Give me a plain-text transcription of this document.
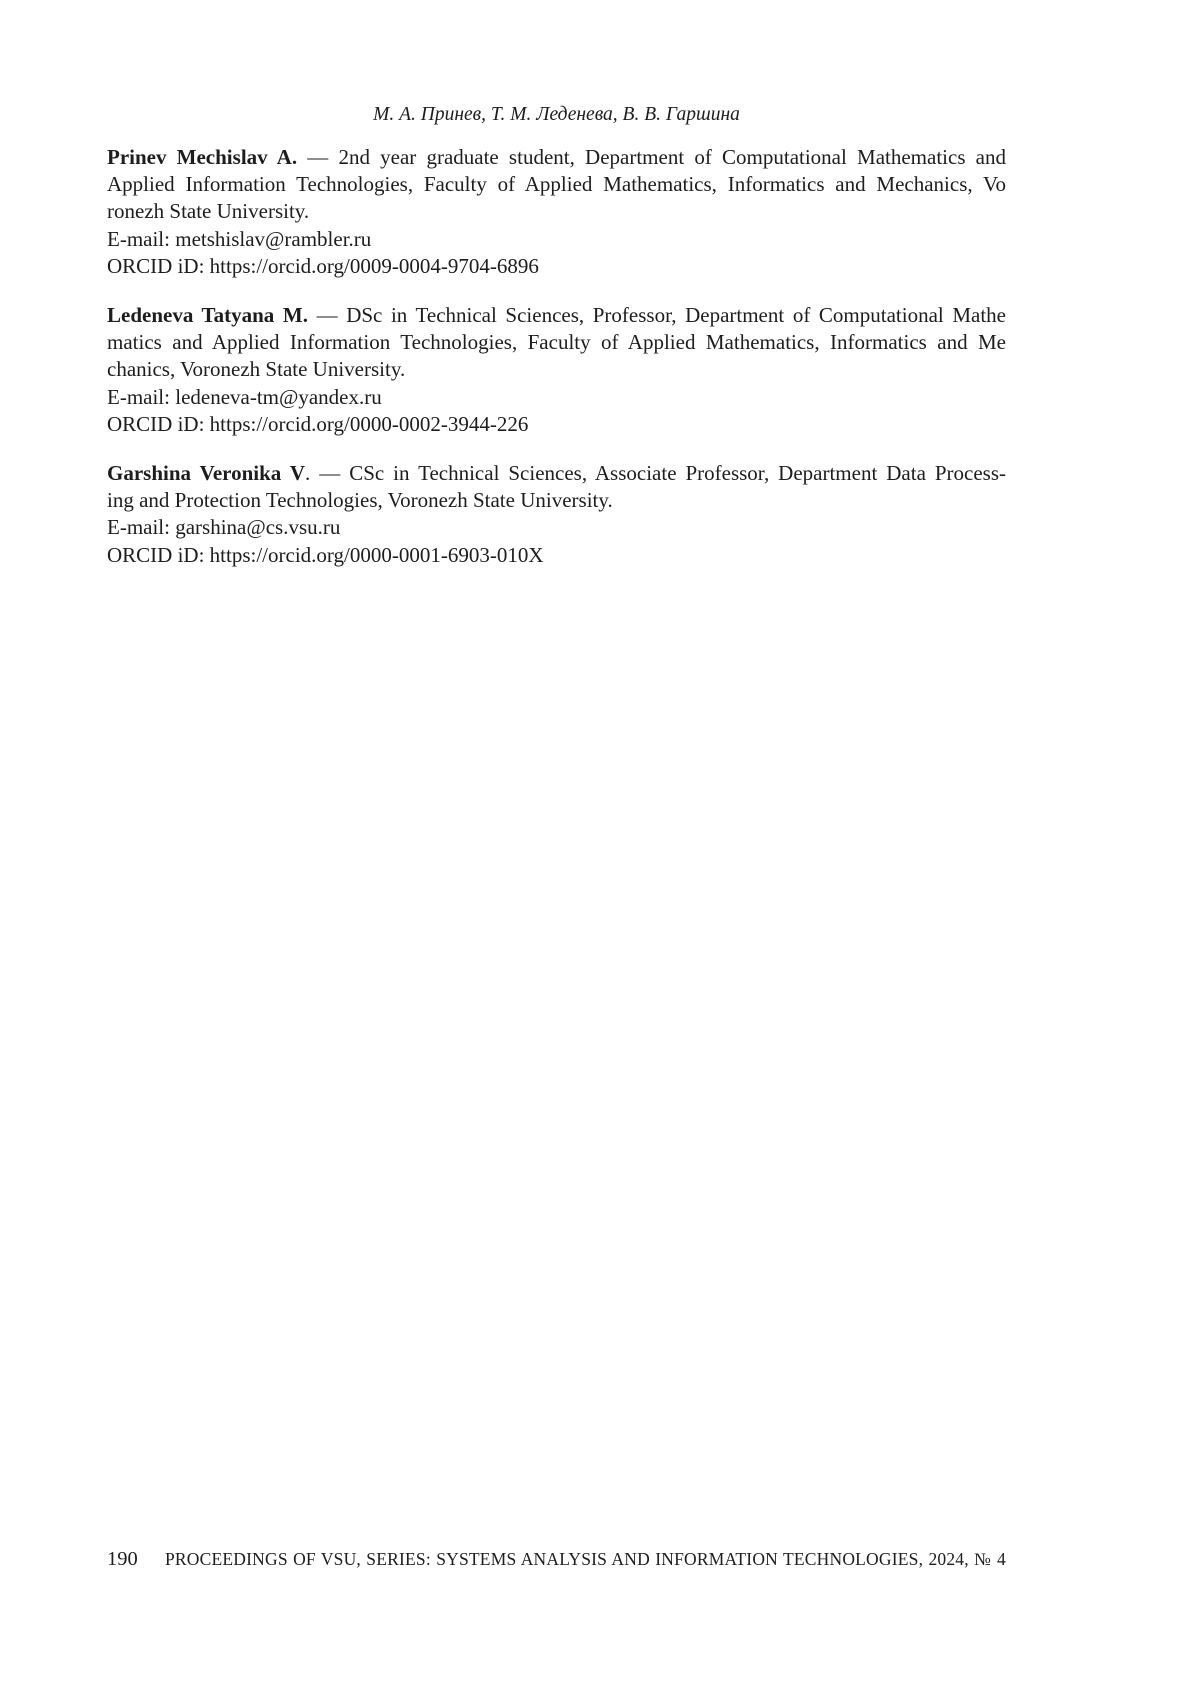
М. А. Принев, Т. М. Леденева, В. В. Гаршина
Prinev Mechislav A. — 2nd year graduate student, Department of Computational Mathematics and
Applied Information Technologies, Faculty of Applied Mathematics, Informatics and Mechanics, Vo
ronezh State University.
E-mail: metshislav@rambler.ru
ORCID iD: https://orcid.org/0009-0004-9704-6896
Ledeneva Tatyana M. — DSc in Technical Sciences, Professor, Department of Computational Mathe
matics and Applied Information Technologies, Faculty of Applied Mathematics, Informatics and Me
chanics, Voronezh State University.
E-mail: ledeneva-tm@yandex.ru
ORCID iD: https://orcid.org/0000-0002-3944-226
Garshina Veronika V. — CSc in Technical Sciences, Associate Professor, Department Data Process-
ing and Protection Technologies, Voronezh State University.
E-mail: garshina@cs.vsu.ru
ORCID iD: https://orcid.org/0000-0001-6903-010X
190	PROCEEDINGS OF VSU, SERIES: SYSTEMS ANALYSIS AND INFORMATION TECHNOLOGIES, 2024, № 4
